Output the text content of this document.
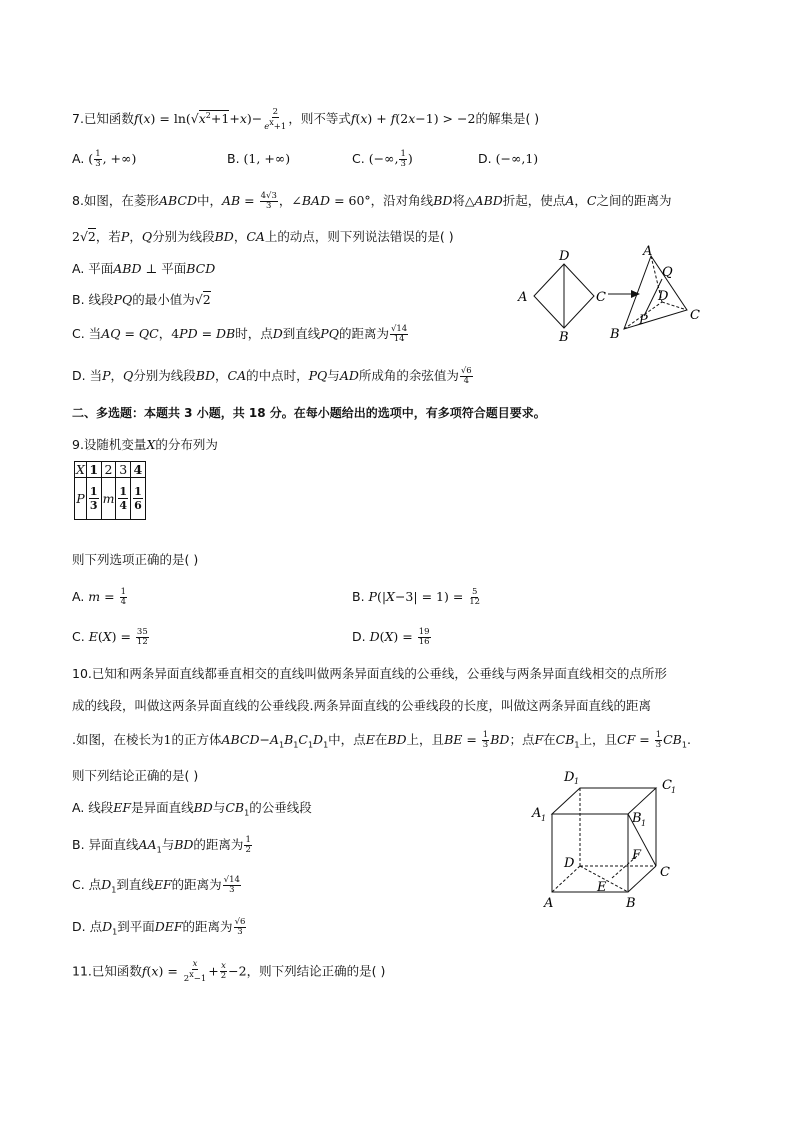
7.已知函数$f(x) = \ln(√x^2+1+x)- \frac{2}{e^x+1}$ ，则不等式f(x) + f(2x−1) > −2的解集是( )
A. ( $\frac{1}{3}$ , +∞)	B. (1, +∞)	C. (−∞, $\frac{1}{3}$ )	D. (−∞,1)
8.如图，在菱形ABCD中，AB = $\frac{4√3}{3}$ ，∠BAD = 60°，沿对角线BD将△ABD折起，使点A，C之间的距离为
2√2，若P，Q分别为线段BD，CA上的动点，则下列说法错误的是( )
A. 平面ABD ⊥ 平面BCD
B. 线段PQ的最小值为√2
C. 当AQ = QC，4PD = DB时，点D到直线PQ的距离为 $\frac{√14}{14}$
D. 当P，Q分别为线段BD，CA的中点时，PQ与AD所成角的余弦值为 $\frac{√6}{4}$
A
D
C
B
A
Q
D
C
P
B
二、多选题：本题共 3 小题，共 18 分。在每小题给出的选项中，有多项符合题目要求。
9.设随机变量X的分布列为
X	1	2	3	4
P	$\frac{1}{3}$	m	$\frac{1}{4}$	$\frac{1}{6}$
则下列选项正确的是( )
A. $m = \frac{1}{4}$	B. $P(|X-3| = 1) = \frac{5}{12}$
C. $E(X) = \frac{35}{12}$	D. $D(X) = \frac{19}{16}$
10.已知和两条异面直线都垂直相交的直线叫做两条异面直线的公垂线，公垂线与两条异面直线相交的点所形
成的线段，叫做这两条异面直线的公垂线段.两条异面直线的公垂线段的长度，叫做这两条异面直线的距离
.如图，在棱长为1的正方体$ABCD-A_1B_1C_1D_1$中，点E在BD上，且BE = $\frac{1}{3}$ BD；点F在$CB_1$上，且CF = $\frac{1}{3} CB_1$.
则下列结论正确的是( )
A. 线段EF是异面直线BD与$CB_1$的公垂线段
B. 异面直线$AA_1$与BD的距离为 $\frac{1}{2}$
C. 点$D_1$到直线EF的距离为 $\frac{√14}{3}$
D. 点$D_1$到平面DEF的距离为 $\frac{√6}{3}$
D 1	C 1
A 1	B 1
D
F
C
E
A	B
11.已知函数$f(x) = \frac{x}{2^x-1} + \frac{x}{2} -2$，则下列结论正确的是( )
